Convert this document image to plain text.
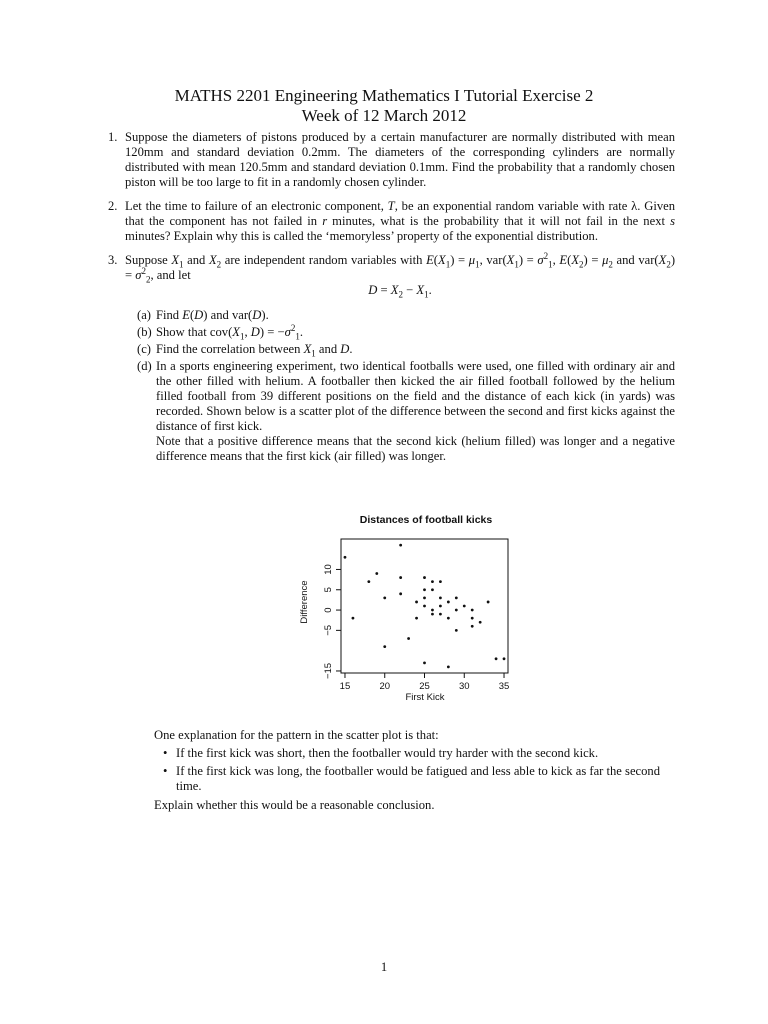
MATHS 2201 Engineering Mathematics I Tutorial Exercise 2
Week of 12 March 2012
1. Suppose the diameters of pistons produced by a certain manufacturer are normally distributed with mean 120mm and standard deviation 0.2mm. The diameters of the corresponding cylinders are normally distributed with mean 120.5mm and standard deviation 0.1mm. Find the probability that a randomly chosen piston will be too large to fit in a randomly chosen cylinder.
2. Let the time to failure of an electronic component, T, be an exponential random variable with rate λ. Given that the component has not failed in r minutes, what is the probability that it will not fail in the next s minutes? Explain why this is called the ‘memoryless’ property of the exponential distribution.
3. Suppose $X_1$ and $X_2$ are independent random variables with $E(X_1) = \mu_1$, $var(X_1) = \sigma^2_1$, $E(X_2) = \mu_2$ and $var(X_2) = \sigma^2_2$, and let
$D = X_2 - X_1$.
(a) Find E(D) and var(D).
(b) Show that $cov(X_1$, $D) = -\sigma^2_1$.
(c) Find the correlation between $X_1$ and D.
(d) In a sports engineering experiment, two identical footballs were used, one filled with ordinary air and the other filled with helium. A footballer then kicked the air filled football followed by the helium filled football from 39 different positions on the field and the distance of each kick (in yards) was recorded. Shown below is a scatter plot of the difference between the second and first kicks against the distance of first kick.

Note that a positive difference means that the second kick (helium filled) was longer and a negative difference means that the first kick (air filled) was longer.

Distances of football kicks
15	20	25	30	35
−15
−5
0
5
10
First Kick
Difference

One explanation for the pattern in the scatter plot is that:

• If the first kick was short, then the footballer would try harder with the second kick.
• If the first kick was long, the footballer would be fatigued and less able to kick as far the second time.

Explain whether this would be a reasonable conclusion.

1
